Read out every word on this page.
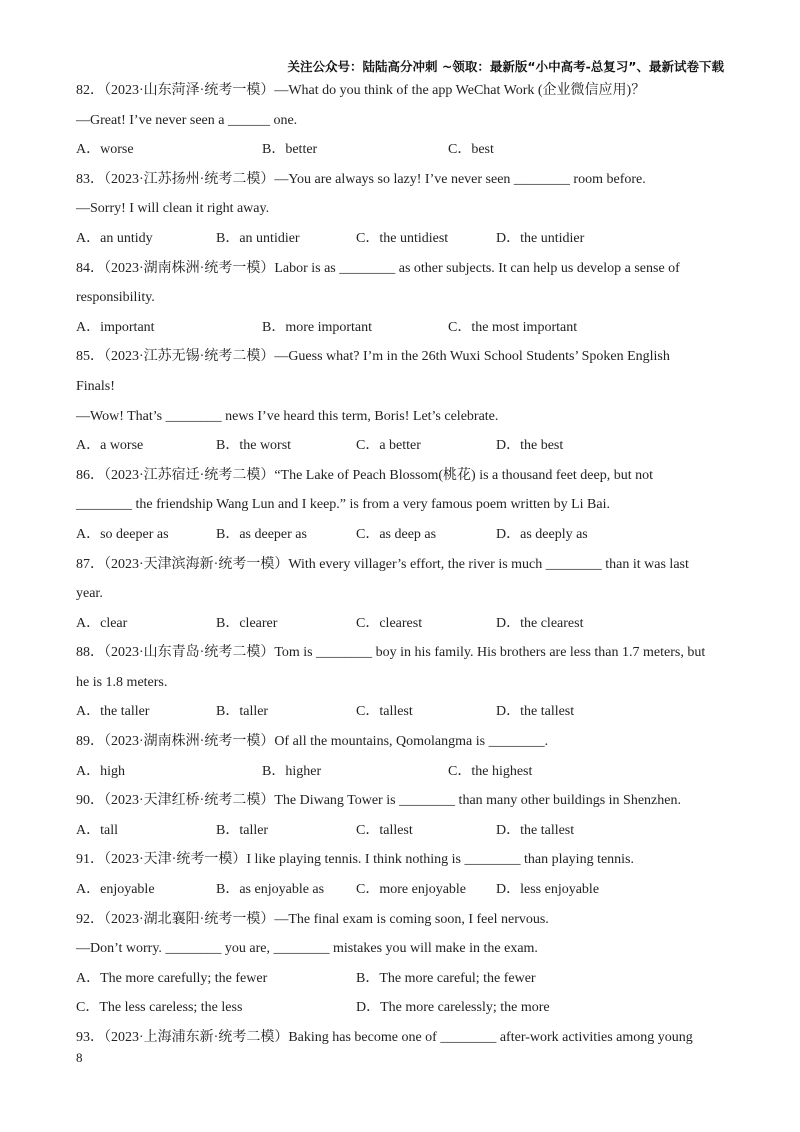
关注公众号：陆陆高分冲刺 ~领取：最新版“小中高考-总复习”、最新试卷下载
82．（2023·山东菏泽·统考一模）—What do you think of the app WeChat Work (企业微信应用)？
—Great! I’ve never seen a ______ one.
A．worse	B．better	C．best
83．（2023·江苏扬州·统考二模）—You are always so lazy! I’ve never seen ________ room before.
—Sorry! I will clean it right away.
A．an untidy	B．an untidier	C．the untidiest	D．the untidier
84．（2023·湖南株洲·统考一模）Labor is as ________ as other subjects. It can help us develop a sense of
responsibility.
A．important	B．more important	C．the most important
85．（2023·江苏无锡·统考二模）—Guess what? I’m in the 26th Wuxi School Students’ Spoken English
Finals!
—Wow! That’s ________ news I’ve heard this term, Boris! Let’s celebrate.
A．a worse	B．the worst	C．a better	D．the best
86．（2023·江苏宿迁·统考二模）“The Lake of Peach Blossom(桃花) is a thousand feet deep, but not
________ the friendship Wang Lun and I keep.” is from a very famous poem written by Li Bai.
A．so deeper as	B．as deeper as	C．as deep as	D．as deeply as
87．（2023·天津滨海新·统考一模）With every villager’s effort, the river is much ________ than it was last
year.
A．clear	B．clearer	C．clearest	D．the clearest
88．（2023·山东青岛·统考二模）Tom is ________ boy in his family. His brothers are less than 1.7 meters, but
he is 1.8 meters.
A．the taller	B．taller	C．tallest	D．the tallest
89．（2023·湖南株洲·统考一模）Of all the mountains, Qomolangma is ________.
A．high	B．higher	C．the highest
90．（2023·天津红桥·统考二模）The Diwang Tower is ________ than many other buildings in Shenzhen.
A．tall	B．taller	C．tallest	D．the tallest
91．（2023·天津·统考一模）I like playing tennis. I think nothing is ________ than playing tennis.
A．enjoyable	B．as enjoyable as	C．more enjoyable	D．less enjoyable
92．（2023·湖北襄阳·统考一模）—The final exam is coming soon, I feel nervous.
—Don’t worry. ________ you are, ________ mistakes you will make in the exam.
A．The more carefully; the fewer	B．The more careful; the fewer
C．The less careless; the less	D．The more carelessly; the more
93．（2023·上海浦东新·统考二模）Baking has become one of ________ after-work activities among young
8
